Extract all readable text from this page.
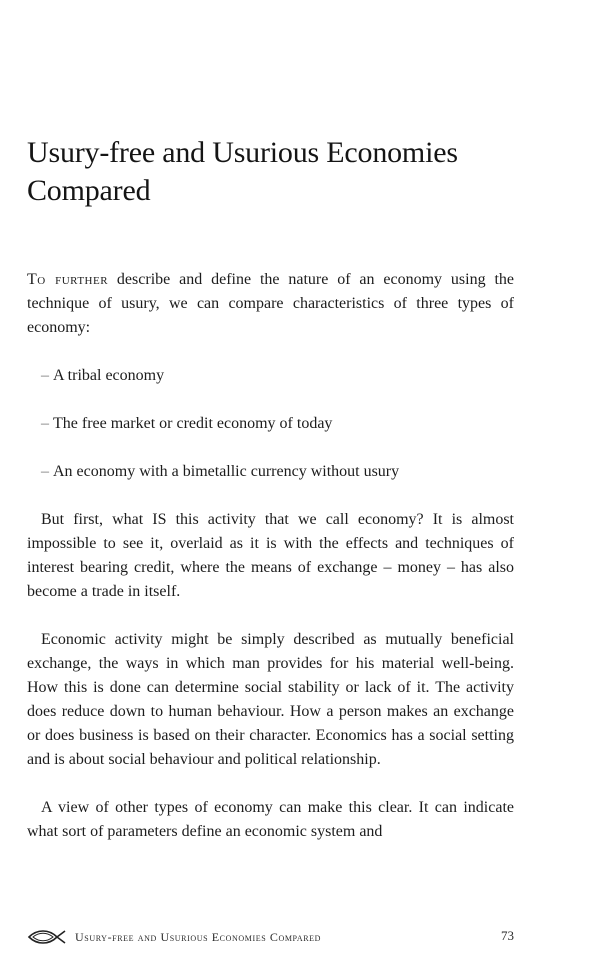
Usury-free and Usurious Economies Compared

To further describe and define the nature of an economy using the technique of usury, we can compare characteristics of three types of economy:

– A tribal economy
– The free market or credit economy of today
– An economy with a bimetallic currency without usury

But first, what IS this activity that we call economy? It is almost impossible to see it, overlaid as it is with the effects and techniques of interest bearing credit, where the means of exchange – money – has also become a trade in itself.

Economic activity might be simply described as mutually beneficial exchange, the ways in which man provides for his material well-being. How this is done can determine social stability or lack of it. The activity does reduce down to human behaviour. How a person makes an exchange or does business is based on their character. Economics has a social setting and is about social behaviour and political relationship.

A view of other types of economy can make this clear. It can indicate what sort of parameters define an economic system and

Usury-free and Usurious Economies Compared	73
